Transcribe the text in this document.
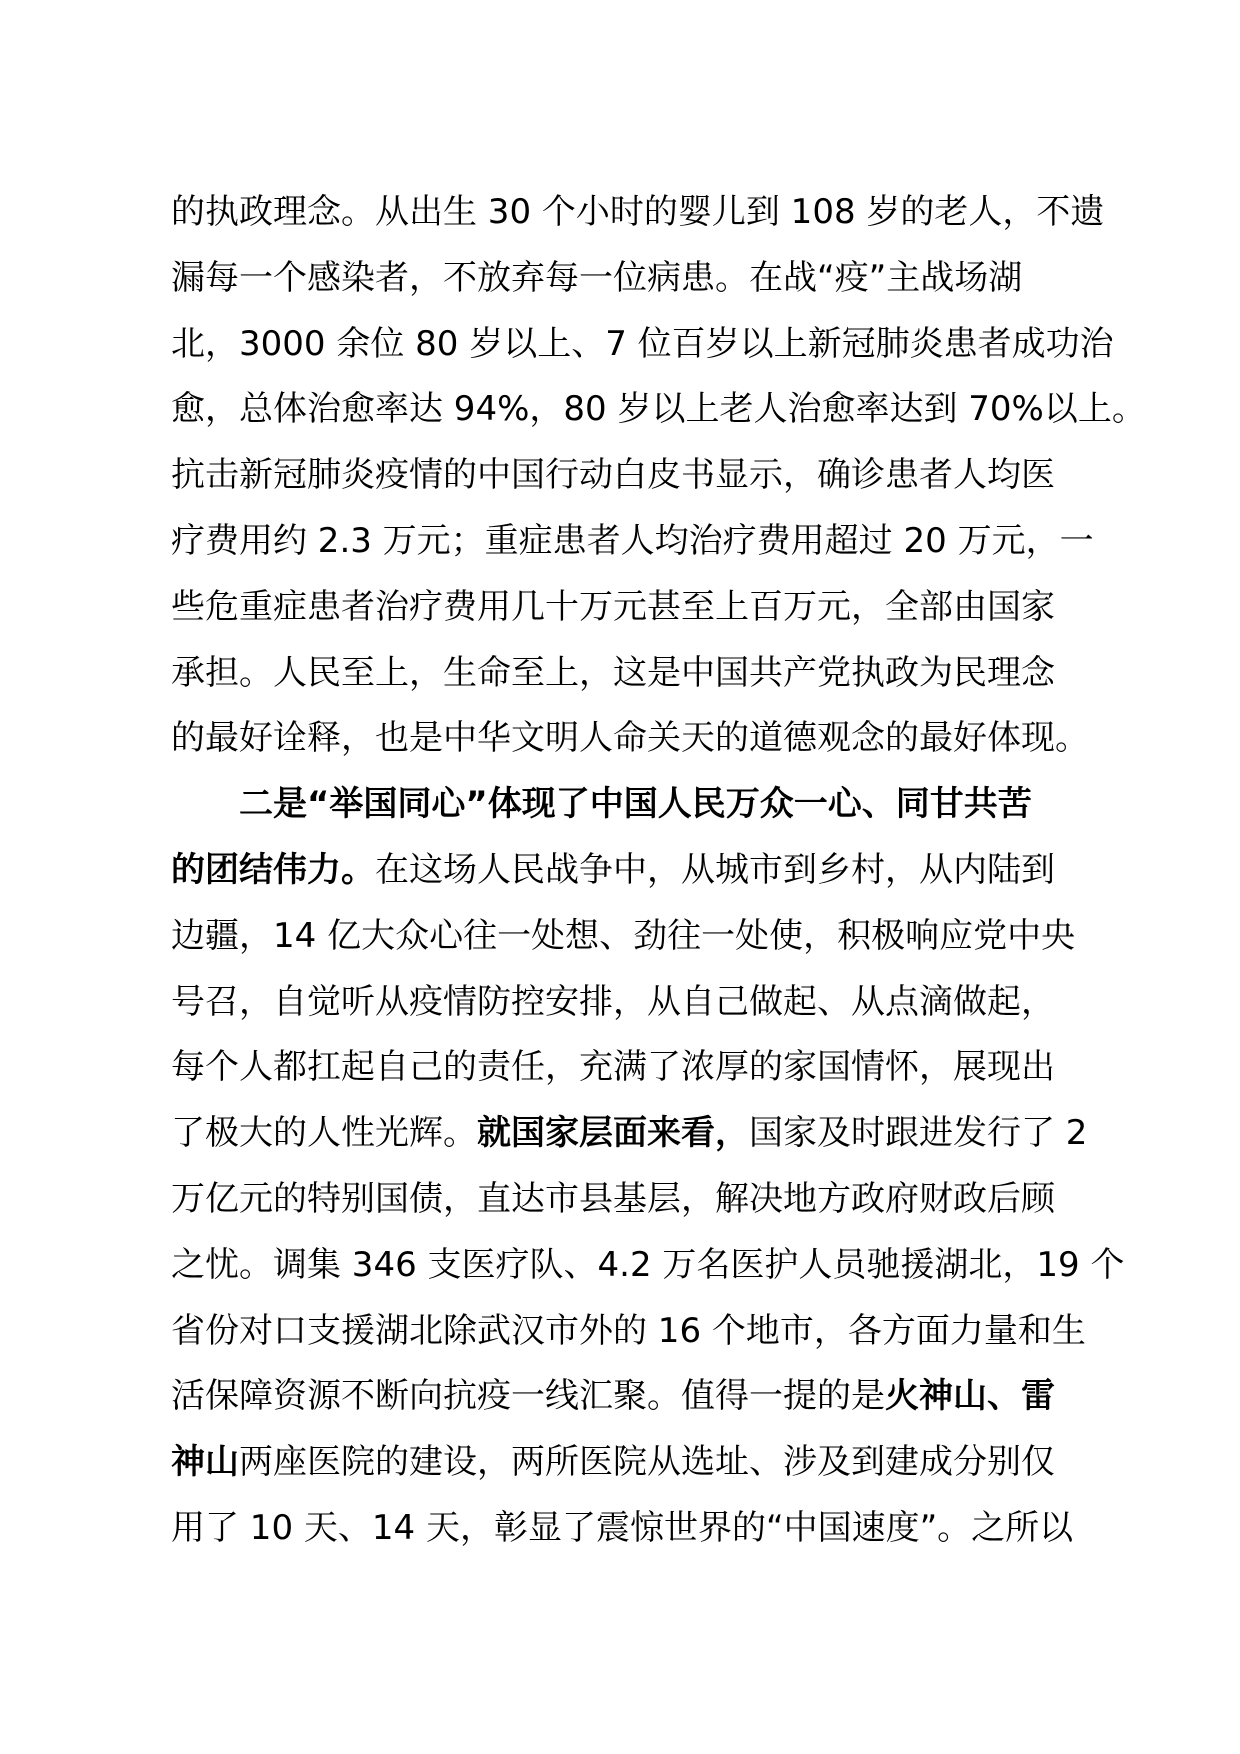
的执政理念。从出生 30 个小时的婴儿到 108 岁的老人，不遗
漏每一个感染者，不放弃每一位病患。在战“疫”主战场湖
北，3000 余位 80 岁以上、7 位百岁以上新冠肺炎患者成功治
愈，总体治愈率达 94%，80 岁以上老人治愈率达到 70%以上。
抗击新冠肺炎疫情的中国行动白皮书显示，确诊患者人均医
疗费用约 2.3 万元；重症患者人均治疗费用超过 20 万元，一
些危重症患者治疗费用几十万元甚至上百万元，全部由国家
承担。人民至上，生命至上，这是中国共产党执政为民理念
的最好诠释，也是中华文明人命关天的道德观念的最好体现。
二是“举国同心”体现了中国人民万众一心、同甘共苦
的团结伟力。在这场人民战争中，从城市到乡村，从内陆到
边疆，14 亿大众心往一处想、劲往一处使，积极响应党中央
号召，自觉听从疫情防控安排，从自己做起、从点滴做起，
每个人都扛起自己的责任，充满了浓厚的家国情怀，展现出
了极大的人性光辉。就国家层面来看，国家及时跟进发行了 2
万亿元的特别国债，直达市县基层，解决地方政府财政后顾
之忧。调集 346 支医疗队、4.2 万名医护人员驰援湖北，19 个
省份对口支援湖北除武汉市外的 16 个地市，各方面力量和生
活保障资源不断向抗疫一线汇聚。值得一提的是火神山、雷
神山两座医院的建设，两所医院从选址、涉及到建成分别仅
用了 10 天、14 天，彰显了震惊世界的“中国速度”。之所以
